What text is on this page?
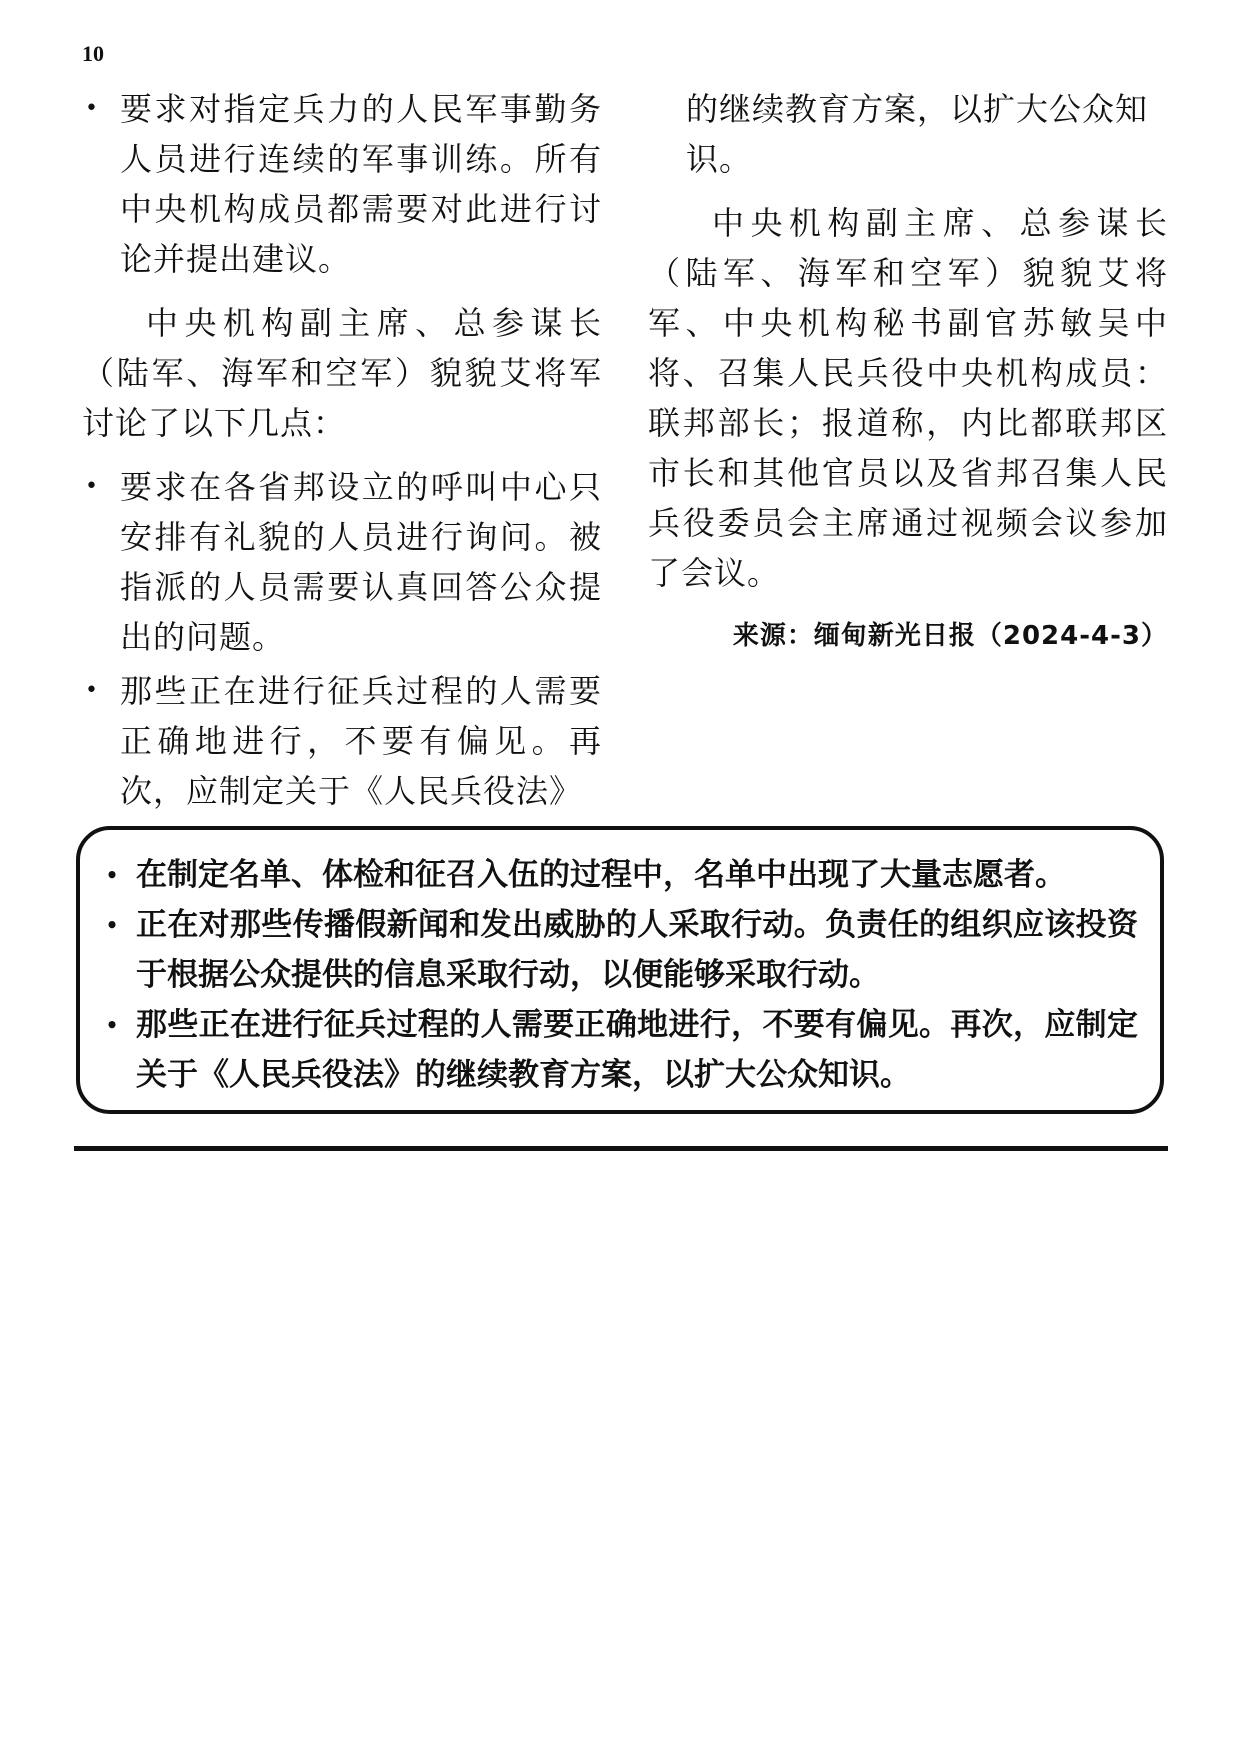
10
• 要求对指定兵力的人民军事勤务人员进行连续的军事训练。所有中央机构成员都需要对此进行讨论并提出建议。

中央机构副主席、总参谋长（陆军、海军和空军）貌貌艾将军讨论了以下几点：

• 要求在各省邦设立的呼叫中心只安排有礼貌的人员进行询问。被指派的人员需要认真回答公众提出的问题。
• 那些正在进行征兵过程的人需要正确地进行，不要有偏见。再次，应制定关于《人民兵役法》

的继续教育方案，以扩大公众知识。

中央机构副主席、总参谋长（陆军、海军和空军）貌貌艾将军、中央机构秘书副官苏敏吴中将、召集人民兵役中央机构成员：联邦部长；报道称，内比都联邦区市长和其他官员以及省邦召集人民兵役委员会主席通过视频会议参加了会议。

来源：缅甸新光日报（2024-4-3）
• 在制定名单、体检和征召入伍的过程中，名单中出现了大量志愿者。
• 正在对那些传播假新闻和发出威胁的人采取行动。负责任的组织应该投资于根据公众提供的信息采取行动，以便能够采取行动。
• 那些正在进行征兵过程的人需要正确地进行，不要有偏见。再次，应制定关于《人民兵役法》的继续教育方案，以扩大公众知识。
